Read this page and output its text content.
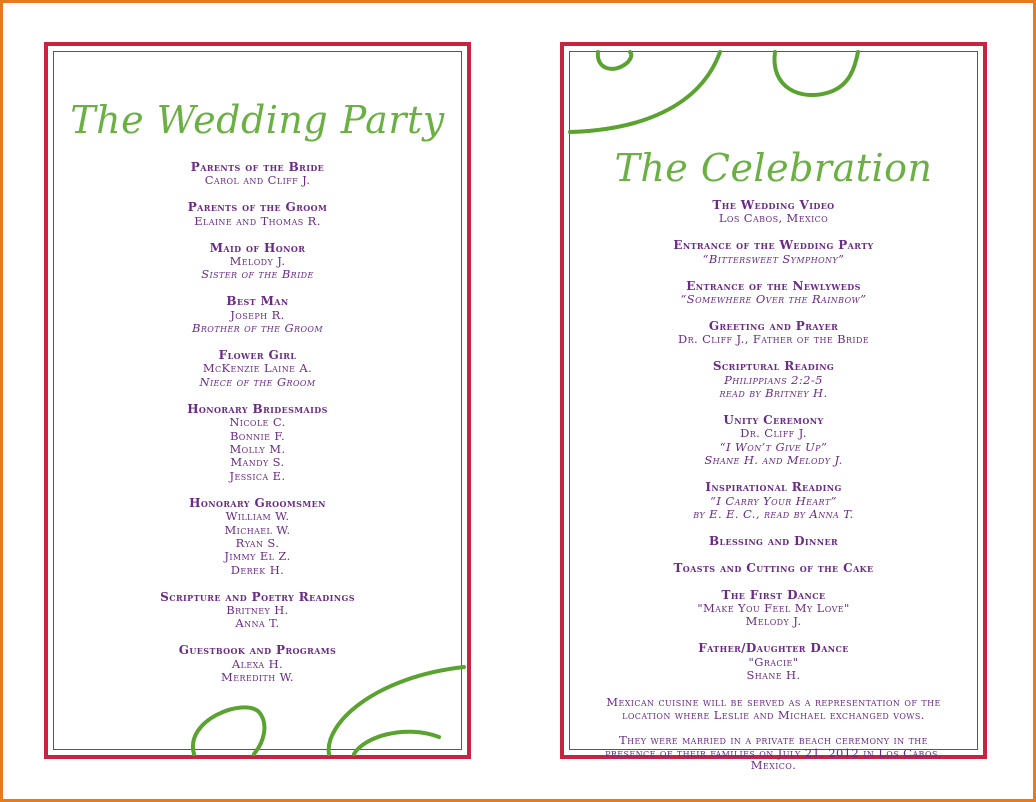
The Wedding Party
Parents of the Bride
Carol and Cliff J.
Parents of the Groom
Elaine and Thomas R.
Maid of Honor
Melody J.
Sister of the Bride
Best Man
Joseph R.
Brother of the Groom
Flower Girl
McKenzie Laine A.
Niece of the Groom
Honorary Bridesmaids
Nicole C.
Bonnie F.
Molly M.
Mandy S.
Jessica E.
Honorary Groomsmen
William W.
Michael W.
Ryan S.
Jimmy El Z.
Derek H.
Scripture and Poetry Readings
Britney H.
Anna T.
Guestbook and Programs
Alexa H.
Meredith W.
The Celebration
The Wedding Video
Los Cabos, Mexico
Entrance of the Wedding Party
“Bittersweet Symphony”
Entrance of the Newlyweds
“Somewhere Over the Rainbow”
Greeting and Prayer
Dr. Cliff J., Father of the Bride
Scriptural Reading
Philippians 2:2-5
read by Britney H.
Unity Ceremony
Dr. Cliff J.
“I Won’t Give Up”
Shane H. and Melody J.
Inspirational Reading
“I Carry Your Heart”
by E. E. C., read by Anna T.
Blessing and Dinner
Toasts and Cutting of the Cake
The First Dance
"Make You Feel My Love"
Melody J.
Father/Daughter Dance
"Gracie"
Shane H.
Mexican cuisine will be served as a representation of the location where Leslie and Michael exchanged vows.
They were married in a private beach ceremony in the presence of their families on July 21, 2012 in Los Cabos, Mexico.
